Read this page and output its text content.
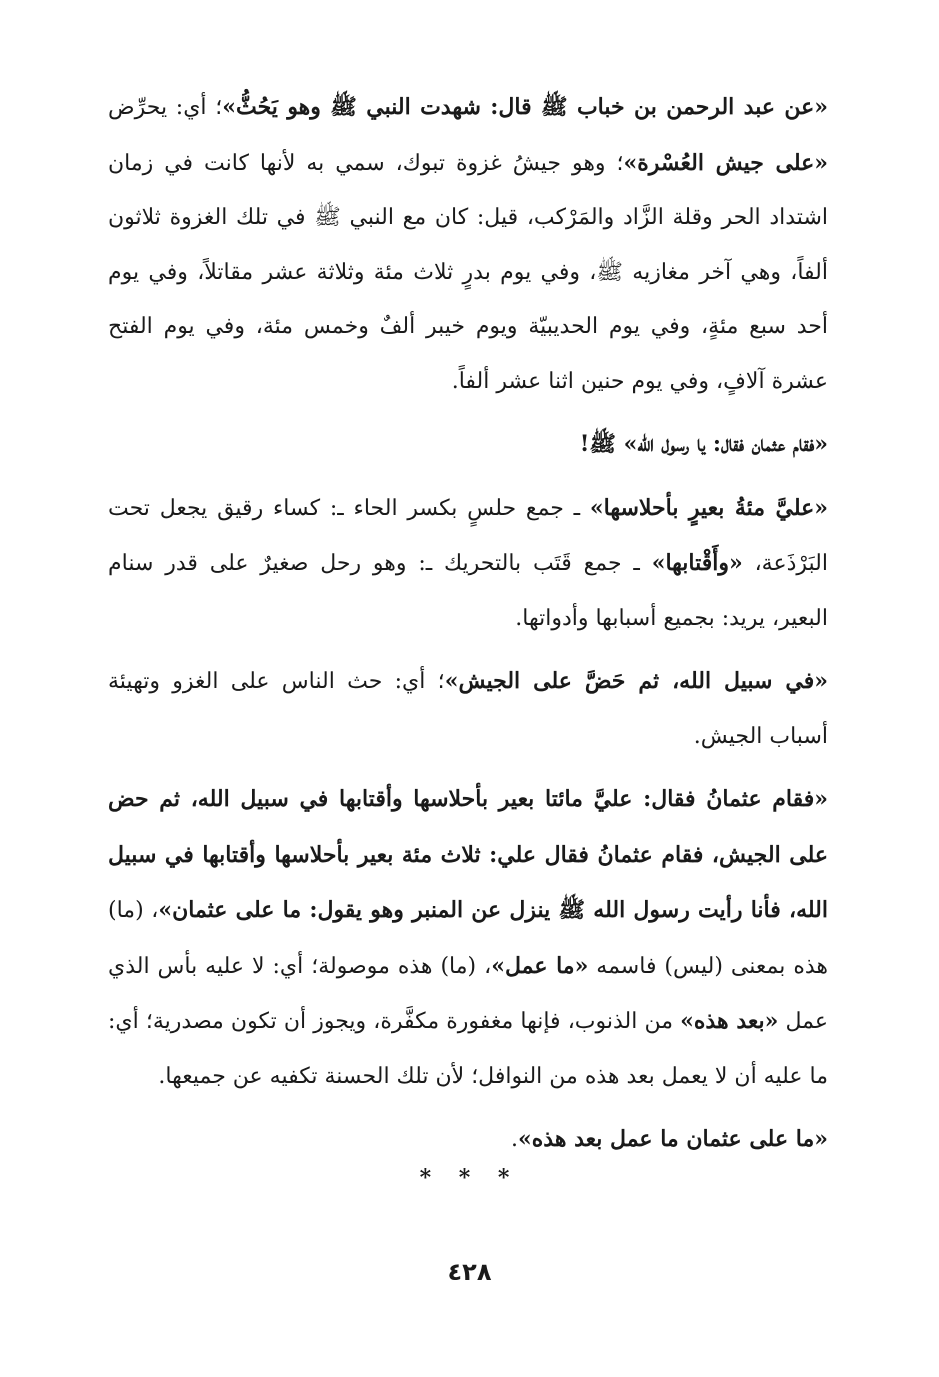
«عن عبد الرحمن بن خباب ﷺ قال: شهدت النبي ﷺ وهو يَحُثُّ»؛ أي: يحرِّض «على جيش العُسْرة»؛ وهو جيشُ غزوة تبوك، سمي به لأنها كانت في زمان اشتداد الحر وقلة الزَّاد والمَرْكب، قيل: كان مع النبي ﷺ في تلك الغزوة ثلاثون ألفاً، وهي آخر مغازيه ﷺ، وفي يوم بدرٍ ثلاث مئة وثلاثة عشر مقاتلاً، وفي يوم أحد سبع مئةٍ، وفي يوم الحديبيّة ويوم خيبر ألفٌ وخمس مئة، وفي يوم الفتح عشرة آلافٍ، وفي يوم حنين اثنا عشر ألفاً.

«فقام عثمان فقال: يا رسول الله» ﷺ!

«عليَّ مئةُ بعيرٍ بأحلاسها» ـ جمع حلسٍ بكسر الحاء ـ: كساء رقيق يجعل تحت البَرْذَعة، «وأَقْتابها» ـ جمع قَتَب بالتحريك ـ: وهو رحل صغيرٌ على قدر سنام البعير، يريد: بجميع أسبابها وأدواتها.

«في سبيل الله، ثم حَضَّ على الجيش»؛ أي: حث الناس على الغزو وتهيئة أسباب الجيش.

«فقام عثمانُ فقال: عليَّ مائتا بعير بأحلاسها وأقتابها في سبيل الله، ثم حض على الجيش، فقام عثمانُ فقال علي: ثلاث مئة بعير بأحلاسها وأقتابها في سبيل الله، فأنا رأيت رسول الله ﷺ ينزل عن المنبر وهو يقول: ما على عثمان»، (ما) هذه بمعنى (ليس) فاسمه «ما عمل»، (ما) هذه موصولة؛ أي: لا عليه بأس الذي عمل «بعد هذه» من الذنوب، فإنها مغفورة مكفَّرة، ويجوز أن تكون مصدرية؛ أي: ما عليه أن لا يعمل بعد هذه من النوافل؛ لأن تلك الحسنة تكفيه عن جميعها.

«ما على عثمان ما عمل بعد هذه».

* * *
٤٢٨
